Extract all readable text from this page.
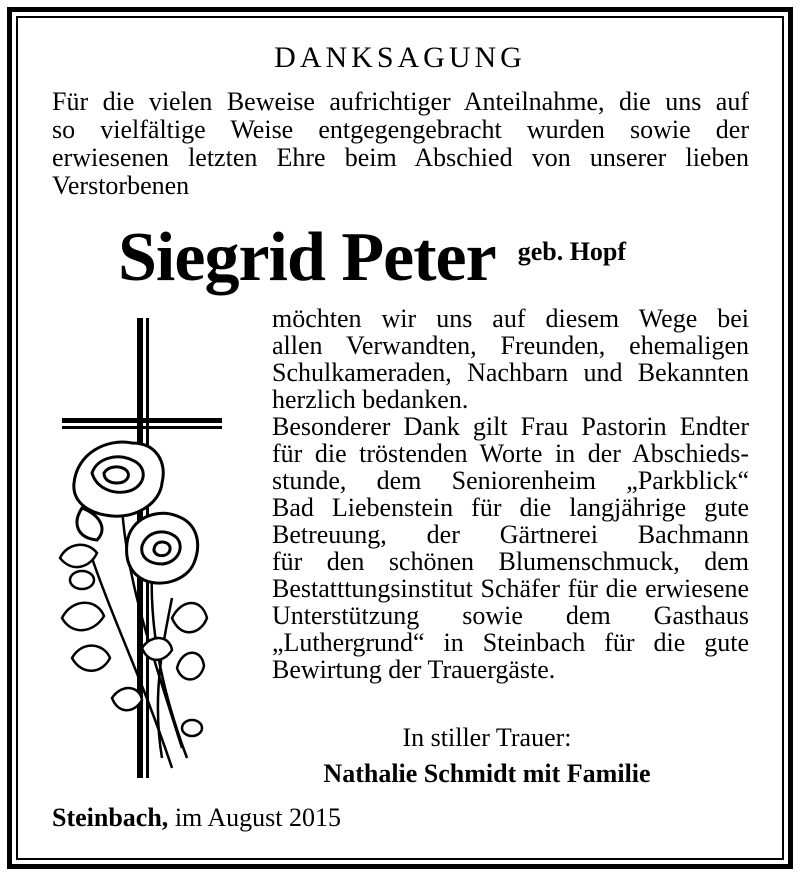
DANKSAGUNG
Für die vielen Beweise aufrichtiger Anteilnahme, die uns auf
so vielfältige Weise entgegengebracht wurden sowie der
erwiesenen letzten Ehre beim Abschied von unserer lieben
Verstorbenen
Siegrid Peter geb. Hopf
möchten wir uns auf diesem Wege bei
allen Verwandten, Freunden, ehemaligen
Schulkameraden, Nachbarn und Bekannten
herzlich bedanken.
Besonderer Dank gilt Frau Pastorin Endter
für die tröstenden Worte in der Abschieds-
stunde, dem Seniorenheim „Parkblick“
Bad Liebenstein für die langjährige gute
Betreuung, der Gärtnerei Bachmann
für den schönen Blumenschmuck, dem
Bestatttungsinstitut Schäfer für die erwiesene
Unterstützung sowie dem Gasthaus
„Luthergrund“ in Steinbach für die gute
Bewirtung der Trauergäste.
In stiller Trauer:
Nathalie Schmidt mit Familie
Steinbach, im August 2015
